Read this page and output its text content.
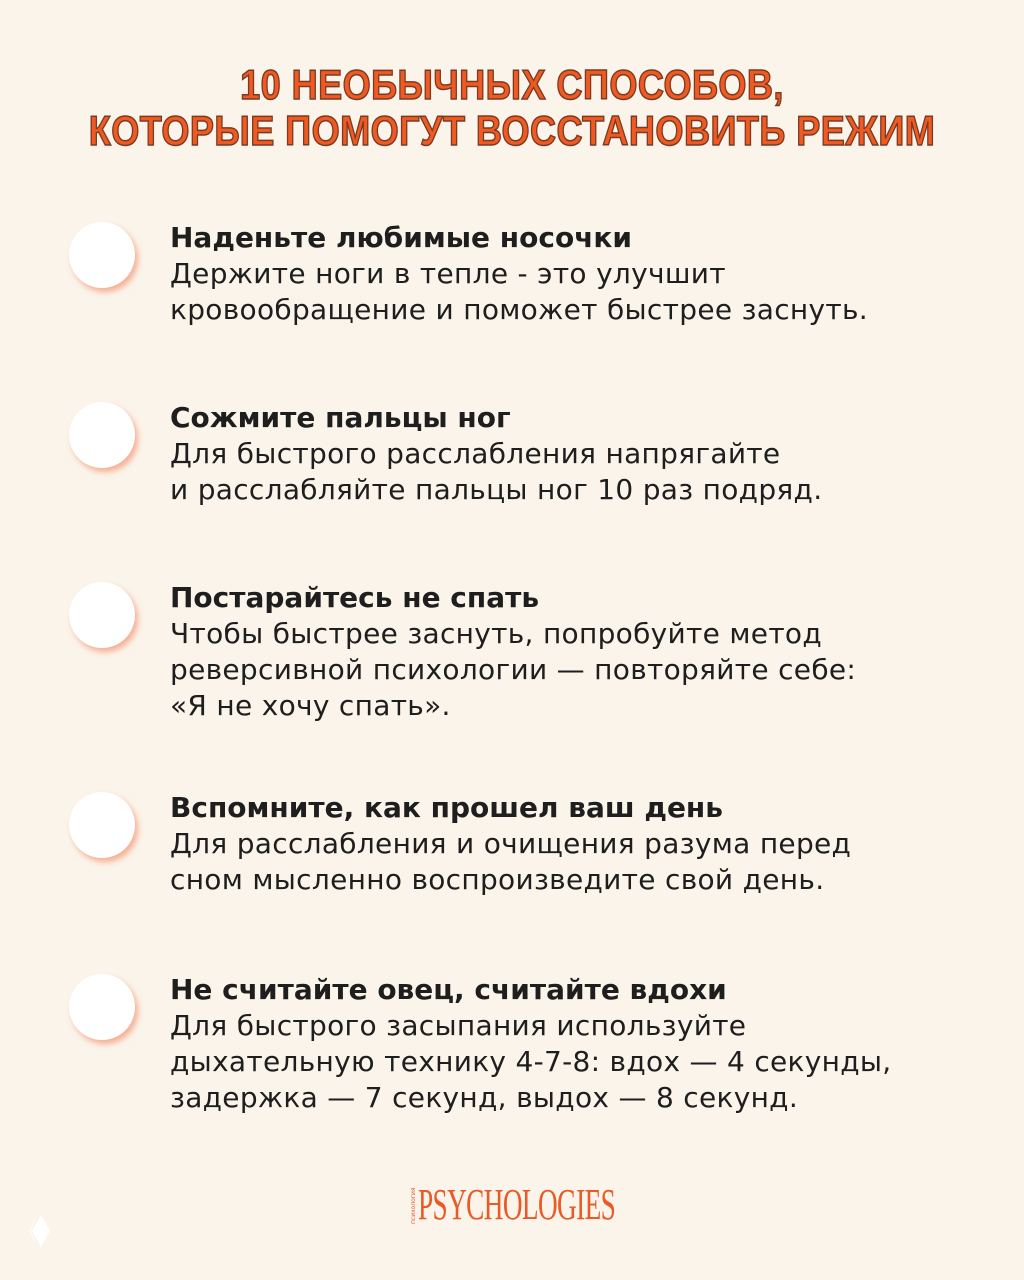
10 НЕОБЫЧНЫХ СПОСОБОВ,
КОТОРЫЕ ПОМОГУТ ВОССТАНОВИТЬ РЕЖИМ
Наденьте любимые носочки
Держите ноги в тепле - это улучшит
кровообращение и поможет быстрее заснуть.
Сожмите пальцы ног
Для быстрого расслабления напрягайте
и расслабляйте пальцы ног 10 раз подряд.
Постарайтесь не спать
Чтобы быстрее заснуть, попробуйте метод
реверсивной психологии — повторяйте себе:
«Я не хочу спать».
Вспомните, как прошел ваш день
Для расслабления и очищения разума перед
сном мысленно воспроизведите свой день.
Не считайте овец, считайте вдохи
Для быстрого засыпания используйте
дыхательную технику 4-7-8: вдох — 4 секунды,
задержка — 7 секунд, выдох — 8 секунд.
психология PSYCHOLOGIES
